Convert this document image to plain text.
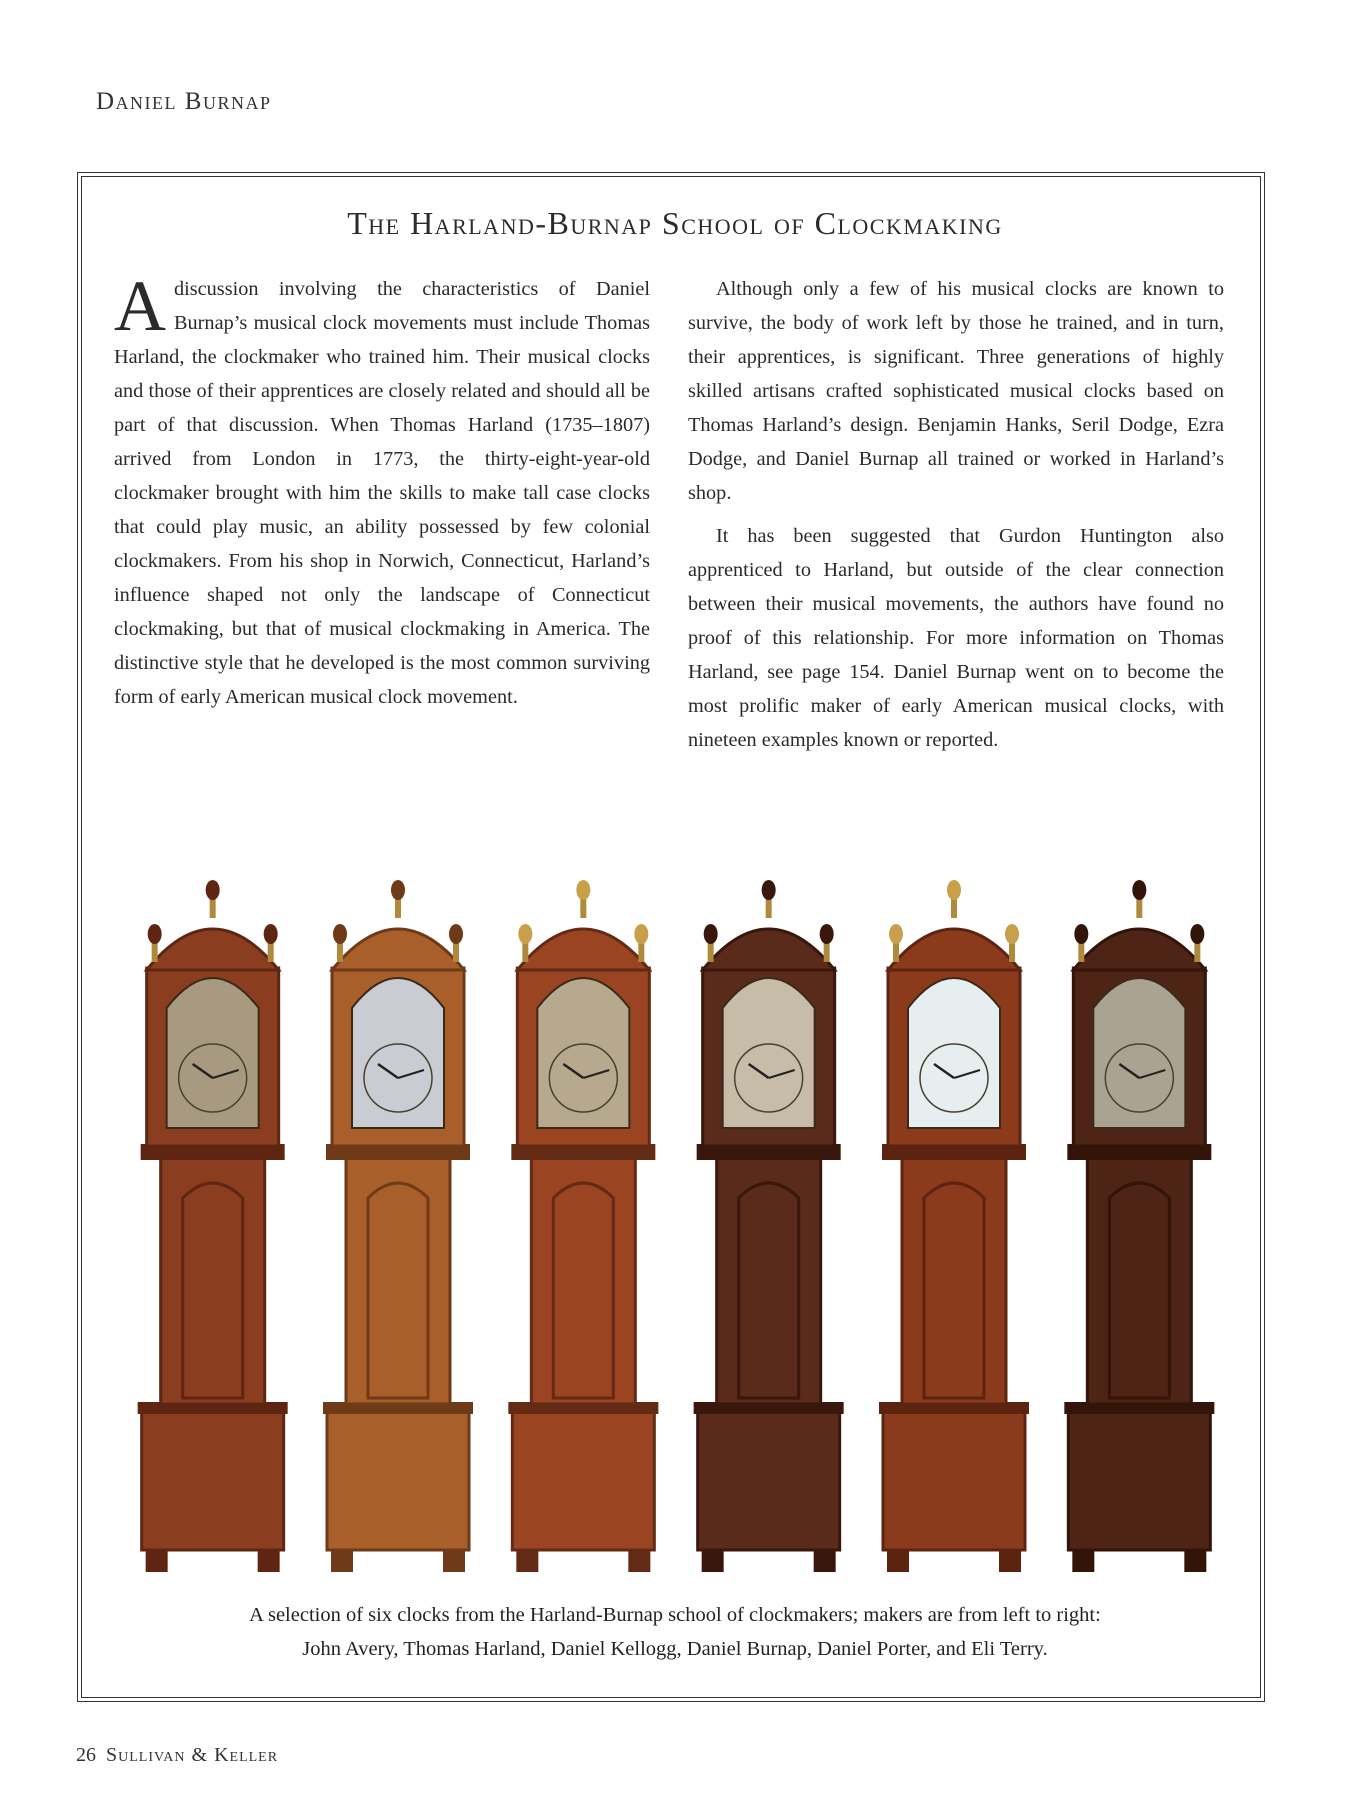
Daniel Burnap
The Harland-Burnap School of Clockmaking

Adiscussion involving the characteristics of Daniel Burnap’s musical clock movements must include Thomas Harland, the clockmaker who trained him. Their musical clocks and those of their apprentices are closely related and should all be part of that discussion. When Thomas Harland (1735–1807) arrived from London in 1773, the thirty-eight-year-old clockmaker brought with him the skills to make tall case clocks that could play music, an ability possessed by few colonial clockmakers. From his shop in Norwich, Connecticut, Harland’s influence shaped not only the landscape of Connecticut clockmaking, but that of musical clockmaking in America. The distinctive style that he developed is the most common surviving form of early American musical clock movement.

Although only a few of his musical clocks are known to survive, the body of work left by those he trained, and in turn, their apprentices, is significant. Three generations of highly skilled artisans crafted sophisticated musical clocks based on Thomas Harland’s design. Benjamin Hanks, Seril Dodge, Ezra Dodge, and Daniel Burnap all trained or worked in Harland’s shop.

It has been suggested that Gurdon Huntington also apprenticed to Harland, but outside of the clear connection between their musical movements, the authors have found no proof of this relationship. For more information on Thomas Harland, see page 154. Daniel Burnap went on to become the most prolific maker of early American musical clocks, with nineteen examples known or reported.

A selection of six clocks from the Harland-Burnap school of clockmakers; makers are from left to right:
John Avery, Thomas Harland, Daniel Kellogg, Daniel Burnap, Daniel Porter, and Eli Terry.
26 Sullivan & Keller
